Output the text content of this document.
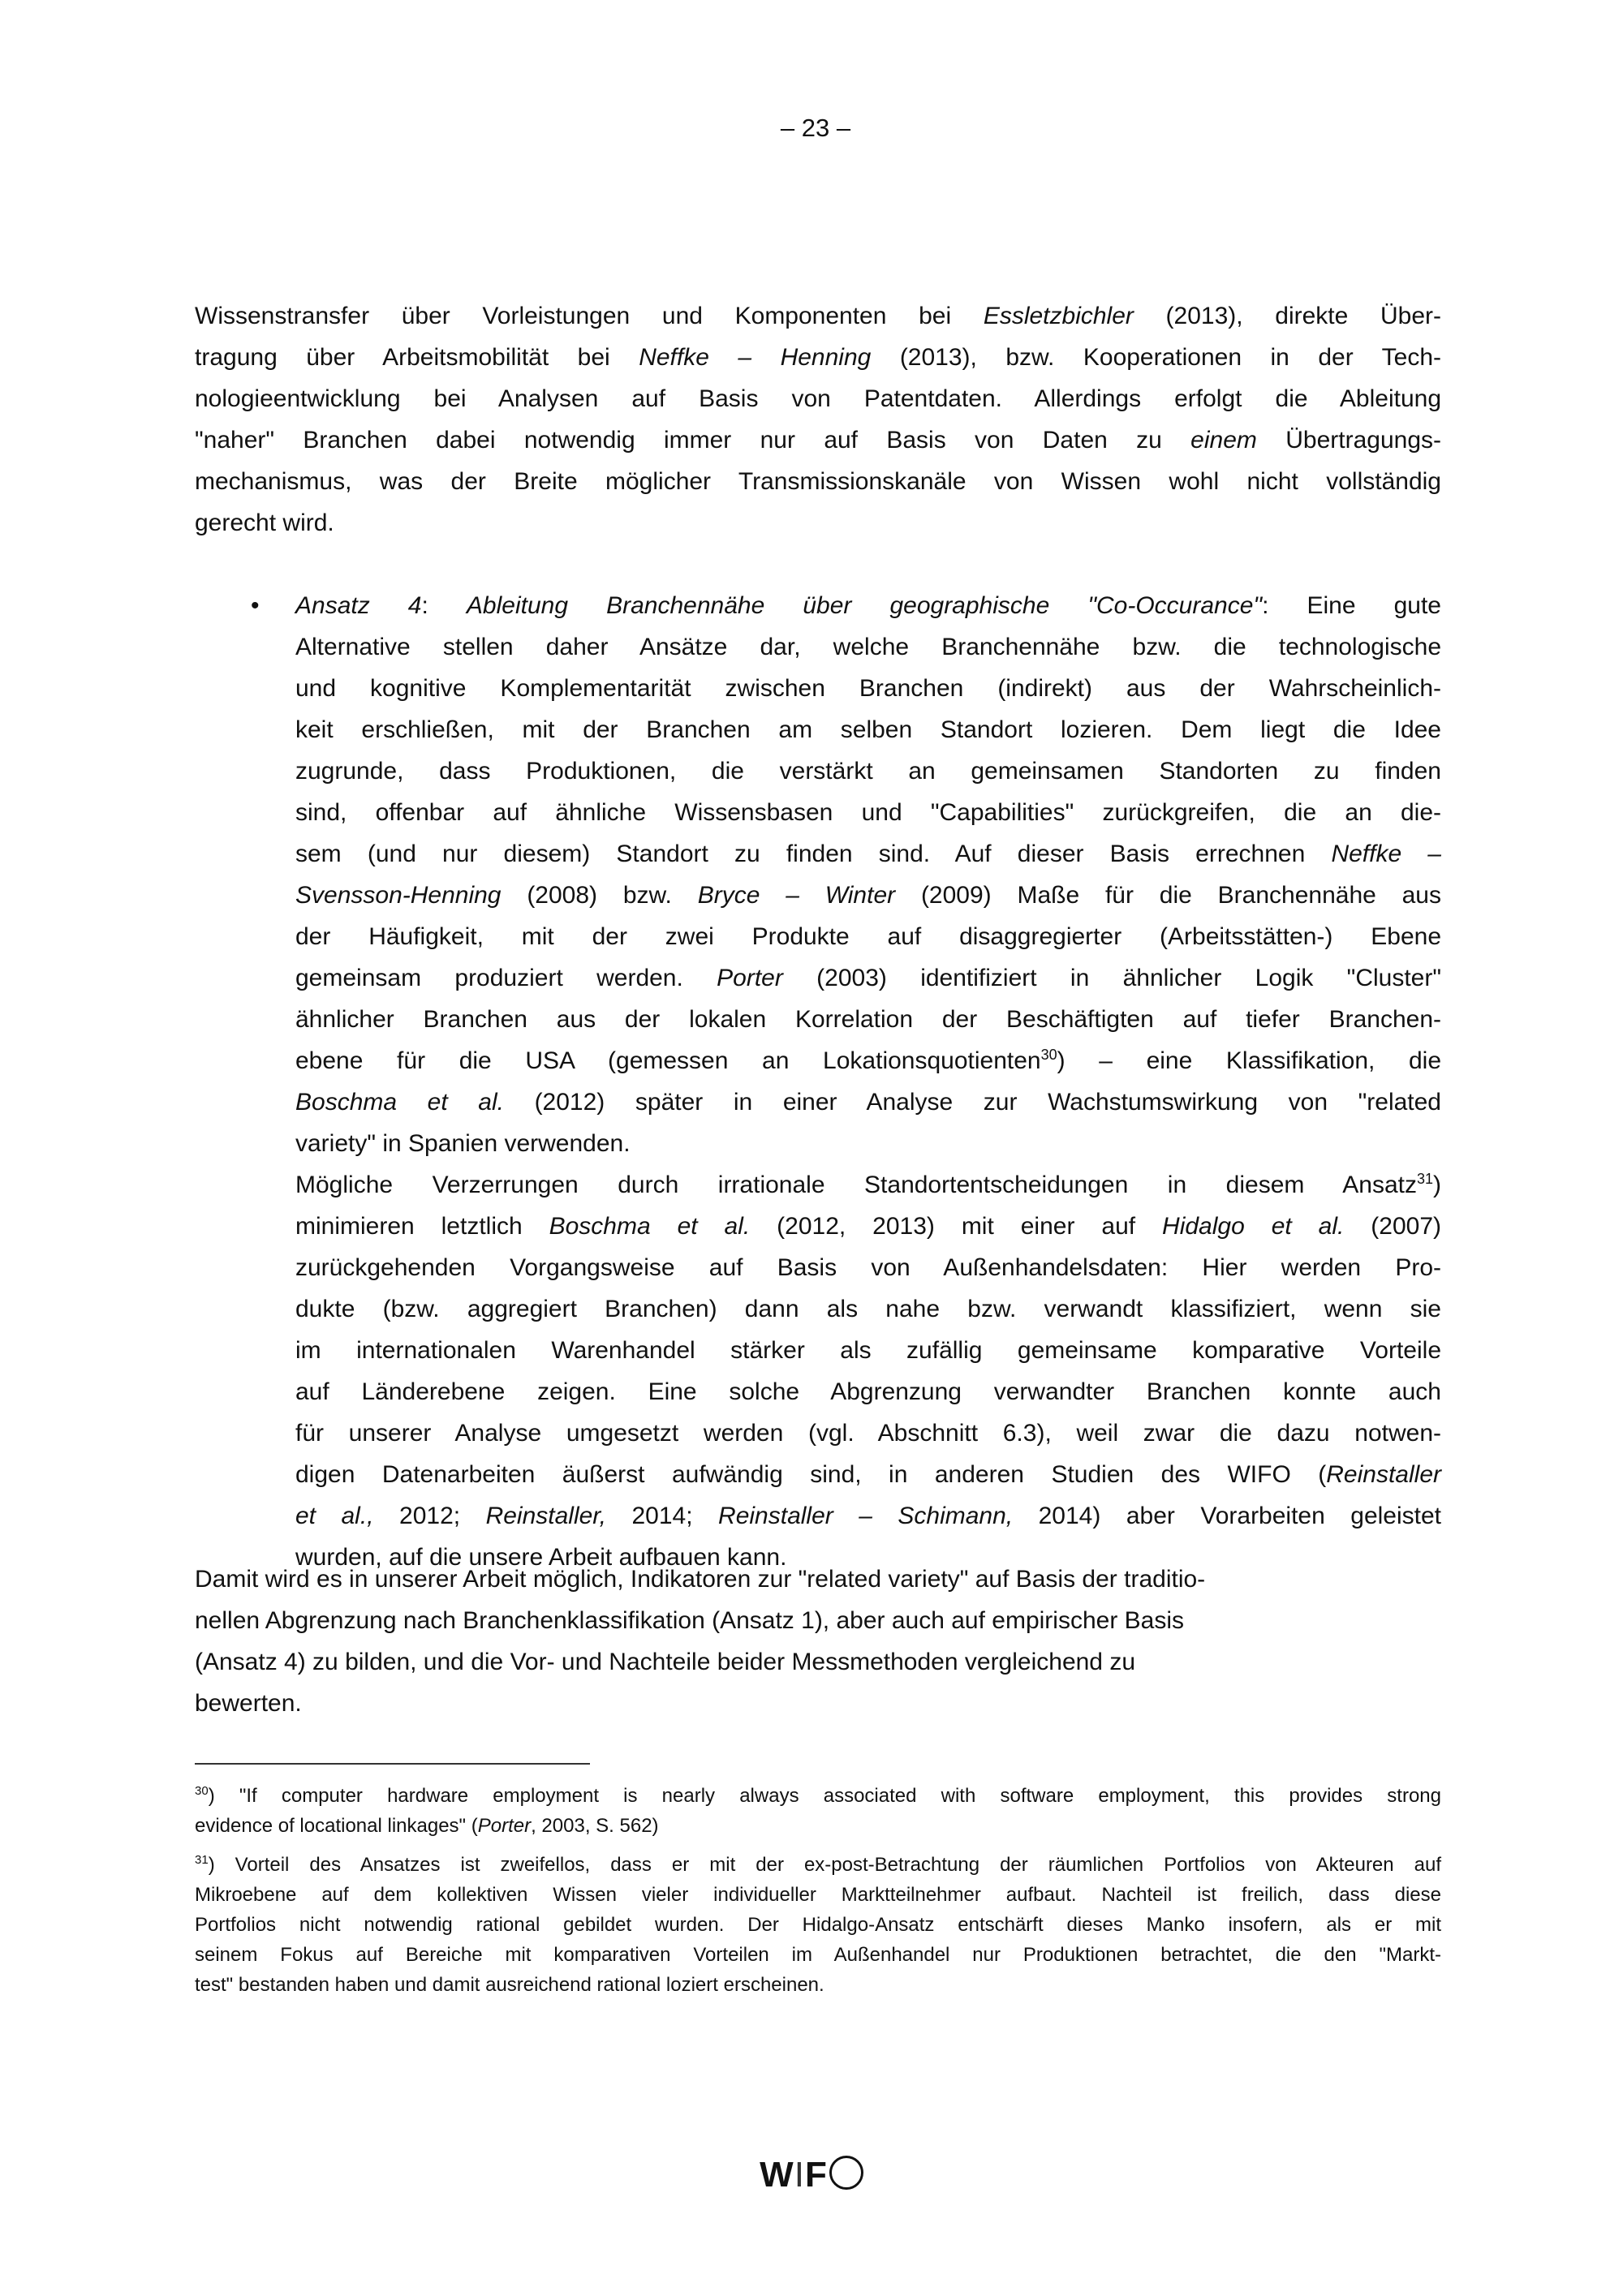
– 23 –
Wissenstransfer über Vorleistungen und Komponenten bei Essletzbichler (2013), direkte Über-
tragung über Arbeitsmobilität bei Neffke – Henning (2013), bzw. Kooperationen in der Tech-
nologieentwicklung bei Analysen auf Basis von Patentdaten. Allerdings erfolgt die Ableitung
"naher" Branchen dabei notwendig immer nur auf Basis von Daten zu einem Übertragungs-
mechanismus, was der Breite möglicher Transmissionskanäle von Wissen wohl nicht vollständig
gerecht wird.
• Ansatz 4: Ableitung Branchennähe über geographische "Co-Occurance": Eine gute
Alternative stellen daher Ansätze dar, welche Branchennähe bzw. die technologische
und kognitive Komplementarität zwischen Branchen (indirekt) aus der Wahrscheinlich-
keit erschließen, mit der Branchen am selben Standort lozieren. Dem liegt die Idee
zugrunde, dass Produktionen, die verstärkt an gemeinsamen Standorten zu finden
sind, offenbar auf ähnliche Wissensbasen und "Capabilities" zurückgreifen, die an die-
sem (und nur diesem) Standort zu finden sind. Auf dieser Basis errechnen Neffke –
Svensson-Henning (2008) bzw. Bryce – Winter (2009) Maße für die Branchennähe aus
der Häufigkeit, mit der zwei Produkte auf disaggregierter (Arbeitsstätten-) Ebene
gemeinsam produziert werden. Porter (2003) identifiziert in ähnlicher Logik "Cluster"
ähnlicher Branchen aus der lokalen Korrelation der Beschäftigten auf tiefer Branchen-
ebene für die USA (gemessen an Lokationsquotienten$^{30}$) – eine Klassifikation, die
Boschma et al. (2012) später in einer Analyse zur Wachstumswirkung von "related
variety" in Spanien verwenden.
Mögliche Verzerrungen durch irrationale Standortentscheidungen in diesem Ansatz$^{31}$)
minimieren letztlich Boschma et al. (2012, 2013) mit einer auf Hidalgo et al. (2007)
zurückgehenden Vorgangsweise auf Basis von Außenhandelsdaten: Hier werden Pro-
dukte (bzw. aggregiert Branchen) dann als nahe bzw. verwandt klassifiziert, wenn sie
im internationalen Warenhandel stärker als zufällig gemeinsame komparative Vorteile
auf Länderebene zeigen. Eine solche Abgrenzung verwandter Branchen konnte auch
für unserer Analyse umgesetzt werden (vgl. Abschnitt 6.3), weil zwar die dazu notwen-
digen Datenarbeiten äußerst aufwändig sind, in anderen Studien des WIFO (Reinstaller
et al., 2012; Reinstaller, 2014; Reinstaller – Schimann, 2014) aber Vorarbeiten geleistet
wurden, auf die unsere Arbeit aufbauen kann.
Damit wird es in unserer Arbeit möglich, Indikatoren zur "related variety" auf Basis der traditio-
nellen Abgrenzung nach Branchenklassifikation (Ansatz 1), aber auch auf empirischer Basis
(Ansatz 4) zu bilden, und die Vor- und Nachteile beider Messmethoden vergleichend zu
bewerten.
$^{30}$) "If computer hardware employment is nearly always associated with software employment, this provides strong
evidence of locational linkages" (Porter, 2003, S. 562)
$^{31}$) Vorteil des Ansatzes ist zweifellos, dass er mit der ex-post-Betrachtung der räumlichen Portfolios von Akteuren auf
Mikroebene auf dem kollektiven Wissen vieler individueller Marktteilnehmer aufbaut. Nachteil ist freilich, dass diese
Portfolios nicht notwendig rational gebildet wurden. Der Hidalgo-Ansatz entschärft dieses Manko insofern, als er mit
seinem Fokus auf Bereiche mit komparativen Vorteilen im Außenhandel nur Produktionen betrachtet, die den "Markt-
test" bestanden haben und damit ausreichend rational loziert erscheinen.
WIF
